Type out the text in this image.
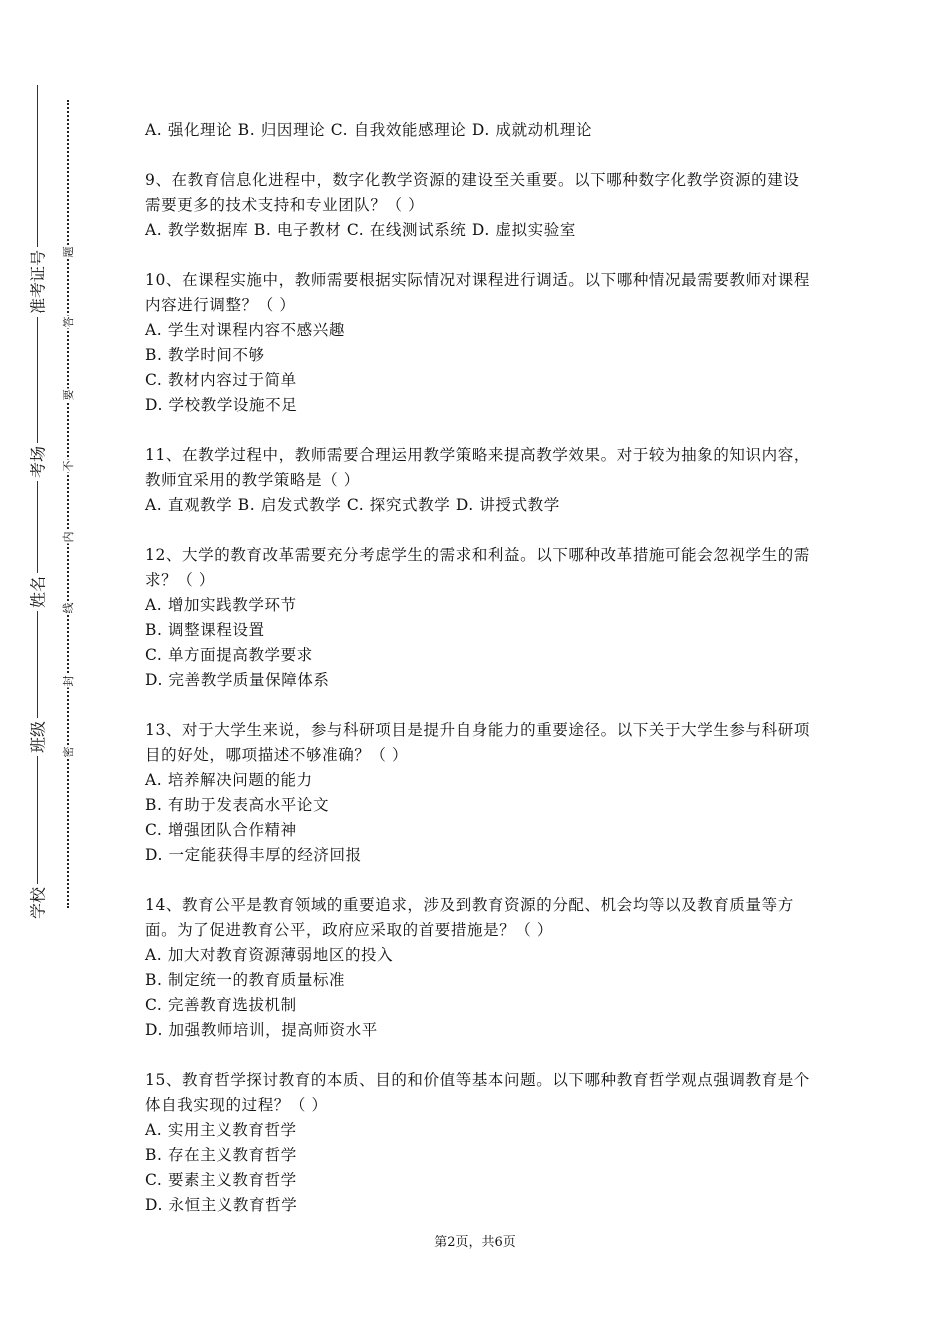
准考证号
考场
姓名
班级
学校
题
答
要
不
内
线
封
密

A. 强化理论 B. 归因理论 C. 自我效能感理论 D. 成就动机理论

9、在教育信息化进程中，数字化教学资源的建设至关重要。以下哪种数字化教学资源的建设需要更多的技术支持和专业团队？（ ）

A. 教学数据库 B. 电子教材 C. 在线测试系统 D. 虚拟实验室

10、在课程实施中，教师需要根据实际情况对课程进行调适。以下哪种情况最需要教师对课程内容进行调整？（ ）

A. 学生对课程内容不感兴趣

B. 教学时间不够

C. 教材内容过于简单

D. 学校教学设施不足

11、在教学过程中，教师需要合理运用教学策略来提高教学效果。对于较为抽象的知识内容，教师宜采用的教学策略是（ ）

A. 直观教学 B. 启发式教学 C. 探究式教学 D. 讲授式教学

12、大学的教育改革需要充分考虑学生的需求和利益。以下哪种改革措施可能会忽视学生的需求？（ ）

A. 增加实践教学环节

B. 调整课程设置

C. 单方面提高教学要求

D. 完善教学质量保障体系

13、对于大学生来说，参与科研项目是提升自身能力的重要途径。以下关于大学生参与科研项目的好处，哪项描述不够准确？（ ）

A. 培养解决问题的能力

B. 有助于发表高水平论文

C. 增强团队合作精神

D. 一定能获得丰厚的经济回报

14、教育公平是教育领域的重要追求，涉及到教育资源的分配、机会均等以及教育质量等方面。为了促进教育公平，政府应采取的首要措施是？（ ）

A. 加大对教育资源薄弱地区的投入

B. 制定统一的教育质量标准

C. 完善教育选拔机制

D. 加强教师培训，提高师资水平

15、教育哲学探讨教育的本质、目的和价值等基本问题。以下哪种教育哲学观点强调教育是个体自我实现的过程？（ ）

A. 实用主义教育哲学

B. 存在主义教育哲学

C. 要素主义教育哲学

D. 永恒主义教育哲学

第2页，共6页
